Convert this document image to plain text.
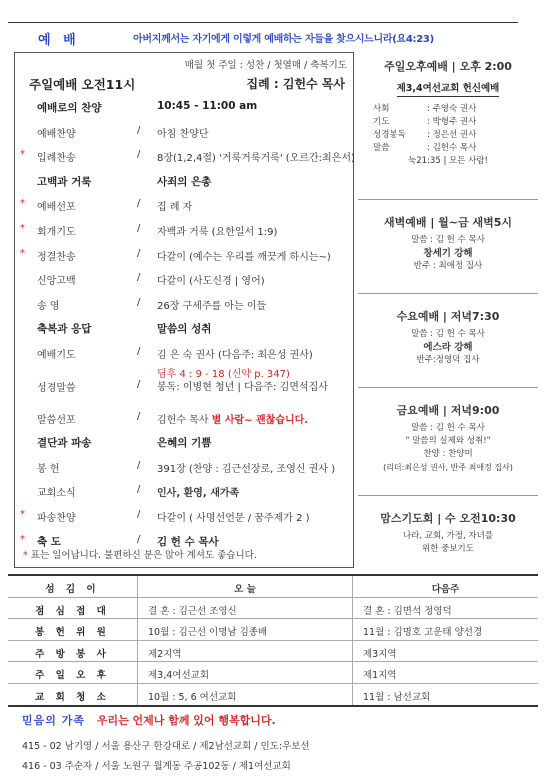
예 배	아버지께서는 자기에게 이렇게 예배하는 자들을 찾으시느니라(요4:23)
매월 첫 주일 : 성찬 / 첫열매 / 축복기도
주일예배 오전11시	집례 : 김헌수 목사
예배로의 찬양	10:45 - 11:00 am
예배찬양	/ 아침 찬양단
* 입례찬송	/ 8장(1,2,4절) '거룩거룩거룩' (오르간:최은서)
고백과 거룩	사죄의 은총
* 예배선포	/ 집 례 자
* 회개기도	/ 자백과 거룩 (요한일서 1:9)
* 정결찬송	/ 다같이 (예수는 우리를 깨끗게 하시는~)
신앙고백	/ 다같이 (사도신경 | 영어)
송 영	/ 26장 구세주를 아는 이들
축복과 응답	말씀의 성취
예배기도	/ 김 은 숙 권사 (다음주: 최은성 권사)
성경말씀	/
딤후 4 : 9 - 18 (신약 p. 347)
봉독: 이병현 청년 | 다음주: 김면석집사
말씀선포	/ 김헌수 목사 별 사람~ 괜찮습니다.
결단과 파송	은혜의 기쁨
봉 헌	/ 391장 (찬양 : 김근선장로, 조영신 권사 )
교회소식	/ 인사, 환영, 새가족
* 파송찬양	/ 다같이 ( 사명선언문 / 꿈주제가 2 )
* 축 도	/ 김 헌 수 목사
* 표는 일어납니다. 불편하신 분은 앉아 계셔도 좋습니다.
주일오후예배 | 오후 2:00
제3,4여선교회 헌신예배
사회	: 주영숙 권사
기도	: 박형주 권사
성경봉독	: 정은선 권사
말씀	: 김헌수 목사
눅21:35 | 모든 사람!
새벽예배 | 월~금 새벽5시
말씀 : 김 헌 수 목사
창세기 강해
반주 : 최애정 집사
수요예배 | 저녁7:30
말씀 : 김 헌 수 목사
에스라 강해
반주:정영덕 집사
금요예배 | 저녁9:00
말씀 : 김 헌 수 목사
" 말씀의 실제와 성취!"
찬양 : 찬양미
(리더:최은성 권사, 반주 최애정 집사)
맘스기도회 | 수 오전10:30
나라, 교회, 가정, 자녀를
위한 중보기도
섬 김 이	오 늘	다음주
점 심 접 대	결 혼 : 김근선 조영신	결 혼 : 김면석 정영덕
봉 헌 위 원	10월 : 김근선 이명남 김종배	11월 : 김명호 고운태 양선경
주 방 봉 사	제2지역	제3지역
주 일 오 후	제3,4여선교회	제1지역
교 회 청 소	10월 : 5, 6 여선교회	11월 : 남선교회
믿음의 가족 우리는 언제나 함께 있어 행복합니다.
415 - 02 남기영 / 서울 용산구 한강대로 / 제2남선교회 / 인도:우보선
416 - 03 주순자 / 서울 노원구 월계동 주공102동 / 제1여선교회
